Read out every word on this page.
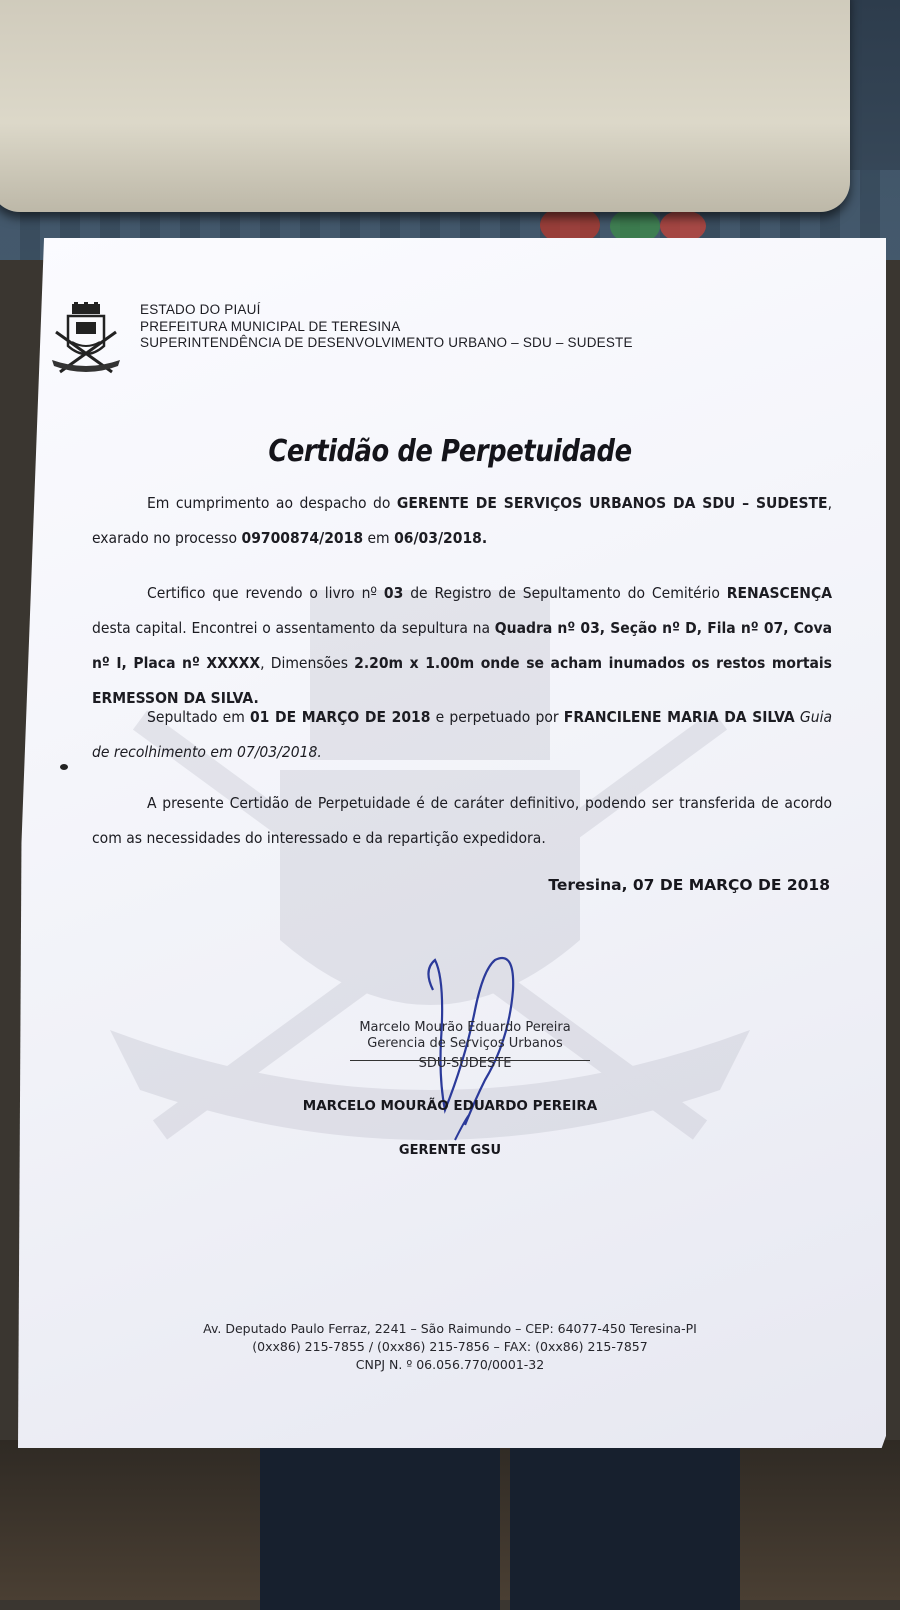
ESTADO DO PIAUÍ
PREFEITURA MUNICIPAL DE TERESINA
SUPERINTENDÊNCIA DE DESENVOLVIMENTO URBANO – SDU – SUDESTE
Certidão de Perpetuidade
Em cumprimento ao despacho do GERENTE DE SERVIÇOS URBANOS DA SDU – SUDESTE, exarado no processo 09700874/2018 em 06/03/2018.
Certifico que revendo o livro nº 03 de Registro de Sepultamento do Cemitério RENASCENÇA desta capital. Encontrei o assentamento da sepultura na Quadra nº 03, Seção nº D, Fila nº 07, Cova nº I, Placa nº XXXXX, Dimensões 2.20m x 1.00m onde se acham inumados os restos mortais ERMESSON DA SILVA.
Sepultado em 01 DE MARÇO DE 2018 e perpetuado por FRANCILENE MARIA DA SILVA Guia de recolhimento em 07/03/2018.
A presente Certidão de Perpetuidade é de caráter definitivo, podendo ser transferida de acordo com as necessidades do interessado e da repartição expedidora.
Teresina, 07 DE MARÇO DE 2018
Marcelo Mourão Eduardo Pereira
Gerencia de Serviços Urbanos
SDU-SUDESTE
MARCELO MOURÃO EDUARDO PEREIRA
GERENTE GSU
Av. Deputado Paulo Ferraz, 2241 – São Raimundo – CEP: 64077-450 Teresina-PI
(0xx86) 215-7855 / (0xx86) 215-7856 – FAX: (0xx86) 215-7857
CNPJ N. º 06.056.770/0001-32
